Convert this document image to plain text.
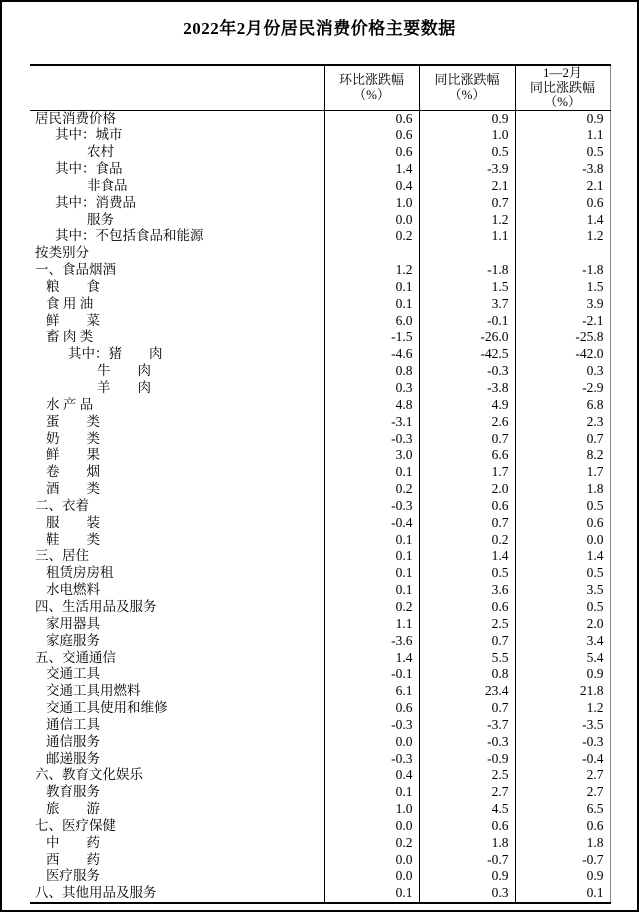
2022年2月份居民消费价格主要数据

环比涨跌幅
（%）

同比涨跌幅
（%）

1—2月
同比涨跌幅（%）

居民消费价格	0.6	0.9	0.9
其中：城市	0.6	1.0	1.1
农村	0.6	0.5	0.5
其中：食品	1.4	-3.9	-3.8
非食品	0.4	2.1	2.1
其中：消费品	1.0	0.7	0.6
服务	0.0	1.2	1.4
其中：不包括食品和能源	0.2	1.1	1.2
按类别分			
一、食品烟酒	1.2	-1.8	-1.8
粮　　食	0.1	1.5	1.5
食 用 油	0.1	3.7	3.9
鲜　　菜	6.0	-0.1	-2.1
畜 肉 类	-1.5	-26.0	-25.8
其中：猪　　肉	-4.6	-42.5	-42.0
牛　　肉	0.8	-0.3	0.3
羊　　肉	0.3	-3.8	-2.9
水 产 品	4.8	4.9	6.8
蛋　　类	-3.1	2.6	2.3
奶　　类	-0.3	0.7	0.7
鲜　　果	3.0	6.6	8.2
卷　　烟	0.1	1.7	1.7
酒　　类	0.2	2.0	1.8
二、衣着	-0.3	0.6	0.5
服　　装	-0.4	0.7	0.6
鞋　　类	0.1	0.2	0.0
三、居住	0.1	1.4	1.4
租赁房房租	0.1	0.5	0.5
水电燃料	0.1	3.6	3.5
四、生活用品及服务	0.2	0.6	0.5
家用器具	1.1	2.5	2.0
家庭服务	-3.6	0.7	3.4
五、交通通信	1.4	5.5	5.4
交通工具	-0.1	0.8	0.9
交通工具用燃料	6.1	23.4	21.8
交通工具使用和维修	0.6	0.7	1.2
通信工具	-0.3	-3.7	-3.5
通信服务	0.0	-0.3	-0.3
邮递服务	-0.3	-0.9	-0.4
六、教育文化娱乐	0.4	2.5	2.7
教育服务	0.1	2.7	2.7
旅　　游	1.0	4.5	6.5
七、医疗保健	0.0	0.6	0.6
中　　药	0.2	1.8	1.8
西　　药	0.0	-0.7	-0.7
医疗服务	0.0	0.9	0.9
八、其他用品及服务	0.1	0.3	0.1
